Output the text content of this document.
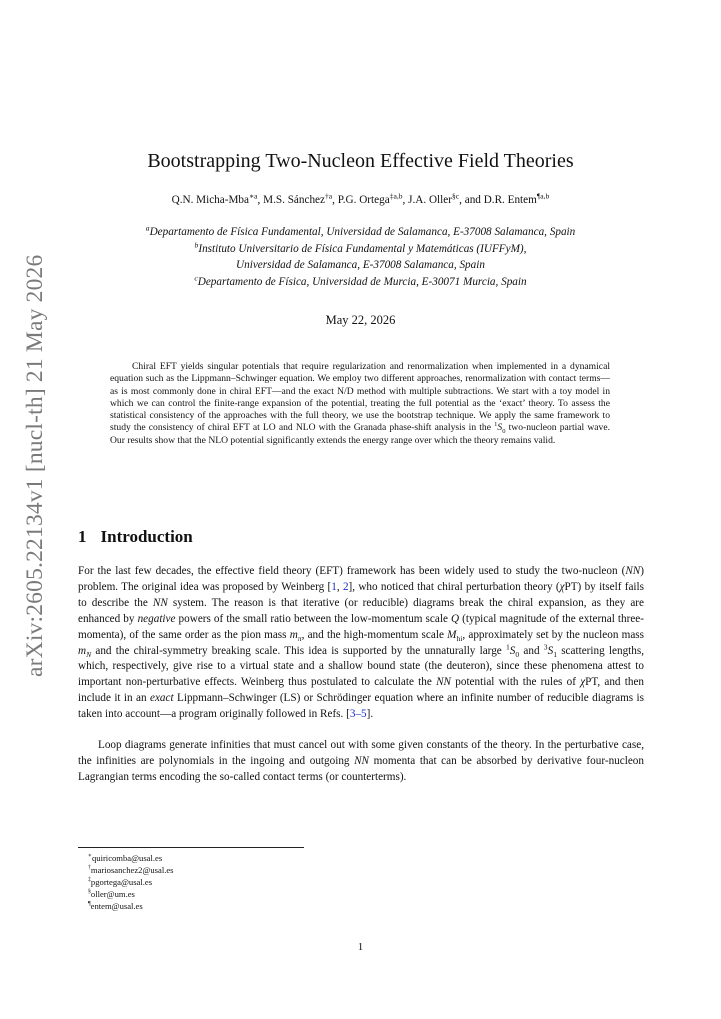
arXiv:2605.22134v1 [nucl-th] 21 May 2026
Bootstrapping Two-Nucleon Effective Field Theories
Q.N. Micha-Mba$^{∗a}$, M.S. Sánchez$^{\dagger a}$, P.G. Ortega$^{\ddagger a,b}$, J.A. Oller$^{\S c}$, and D.R. Entem$^{\P a,b}$
$^a$Departamento de Física Fundamental, Universidad de Salamanca, E-37008 Salamanca, Spain
$^b$Instituto Universitario de Física Fundamental y Matemáticas (IUFFyM),
Universidad de Salamanca, E-37008 Salamanca, Spain
$^c$Departamento de Física, Universidad de Murcia, E-30071 Murcia, Spain
May 22, 2026
Chiral EFT yields singular potentials that require regularization and renormalization when implemented in a dynamical equation such as the Lippmann–Schwinger equation. We employ two different approaches, renormalization with contact terms—as is most commonly done in chiral EFT—and the exact N/D method with multiple subtractions. We start with a toy model in which we can control the finite-range expansion of the potential, treating the full potential as the ‘exact’ theory. To assess the statistical consistency of the approaches with the full theory, we use the bootstrap technique. We apply the same framework to study the consistency of chiral EFT at LO and NLO with the Granada phase-shift analysis in the $^1S_0$ two-nucleon partial wave. Our results show that the NLO potential significantly extends the energy range over which the theory remains valid.
1 Introduction

For the last few decades, the effective field theory (EFT) framework has been widely used to study the two-nucleon (NN) problem. The original idea was proposed by Weinberg [1, 2], who noticed that chiral perturbation theory (χPT) by itself fails to describe the NN system. The reason is that iterative (or reducible) diagrams break the chiral expansion, as they are enhanced by negative powers of the small ratio between the low-momentum scale Q (typical magnitude of the external three-momenta), of the same order as the pion mass $m_\pi$, and the high-momentum scale $M_{hi}$, approximately set by the nucleon mass $m_N$ and the chiral-symmetry breaking scale. This idea is supported by the unnaturally large $^1S_0$ and $^3S_1$ scattering lengths, which, respectively, give rise to a virtual state and a shallow bound state (the deuteron), since these phenomena attest to important non-perturbative effects. Weinberg thus postulated to calculate the NN potential with the rules of χPT, and then include it in an exact Lippmann–Schwinger (LS) or Schrödinger equation where an infinite number of reducible diagrams is taken into account—a program originally followed in Refs. [3–5].

Loop diagrams generate infinities that must cancel out with some given constants of the theory. In the perturbative case, the infinities are polynomials in the ingoing and outgoing NN momenta that can be absorbed by derivative four-nucleon Lagrangian terms encoding the so-called contact terms (or counterterms).

∗quiricomba@usal.es
†mariosanchez2@usal.es
‡pgortega@usal.es
§oller@um.es
¶entem@usal.es
1
